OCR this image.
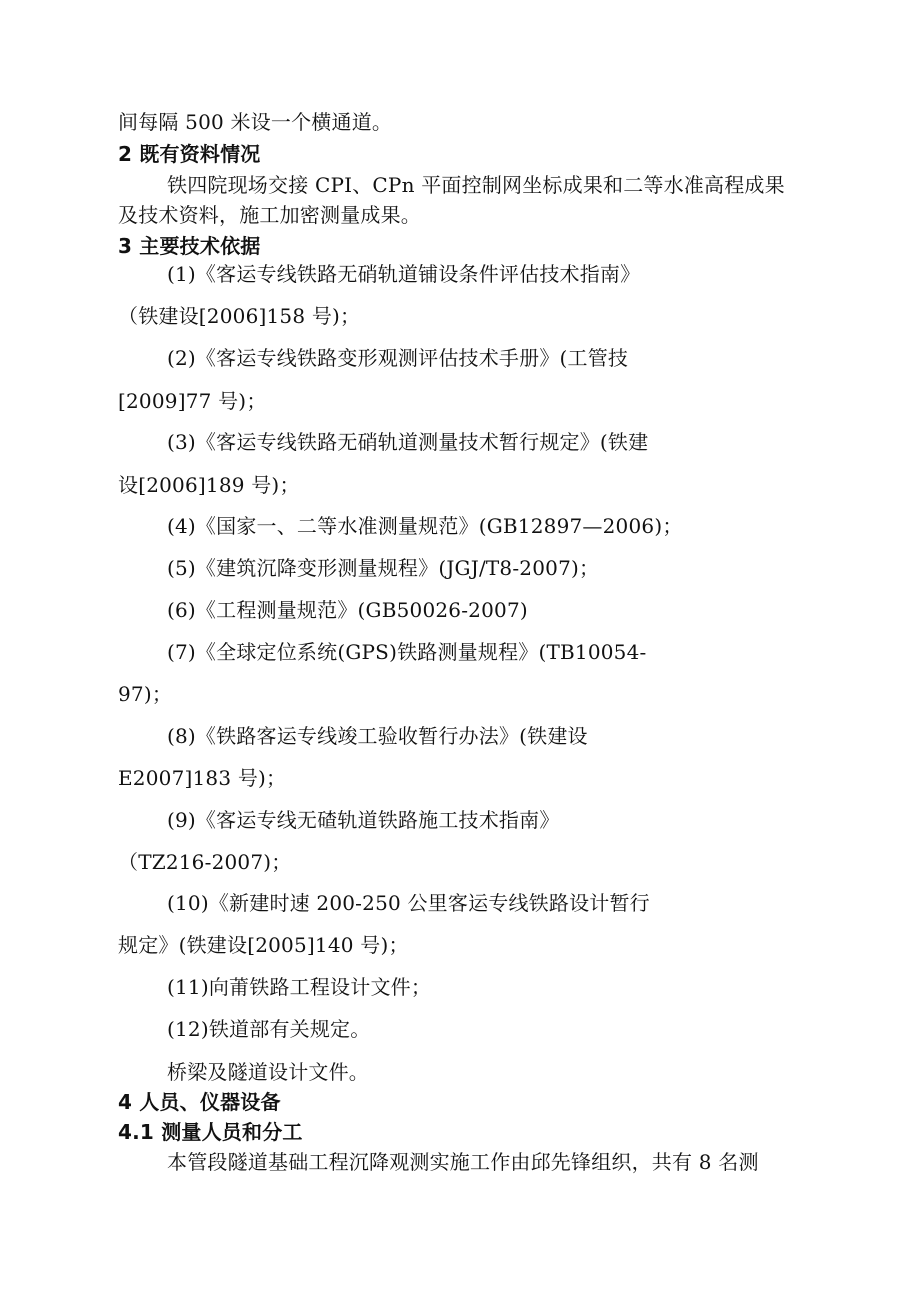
间每隔 500 米设一个横通道。
2 既有资料情况
铁四院现场交接 CPI、CPn 平面控制网坐标成果和二等水准高程成果
及技术资料，施工加密测量成果。
3 主要技术依据
(1)《客运专线铁路无硝轨道铺设条件评估技术指南》
（铁建设[2006]158 号)；
(2)《客运专线铁路变形观测评估技术手册》(工管技
[2009]77 号)；
(3)《客运专线铁路无硝轨道测量技术暂行规定》(铁建
设[2006]189 号)；
(4)《国家一、二等水准测量规范》(GB12897—2006)；
(5)《建筑沉降变形测量规程》(JGJ/T8-2007)；
(6)《工程测量规范》(GB50026-2007)
(7)《全球定位系统(GPS)铁路测量规程》(TB10054-
97)；
(8)《铁路客运专线竣工验收暂行办法》(铁建设
E2007]183 号)；
(9)《客运专线无碴轨道铁路施工技术指南》
（TZ216-2007)；
(10)《新建时速 200-250 公里客运专线铁路设计暂行
规定》(铁建设[2005]140 号)；
(11)向莆铁路工程设计文件；
(12)铁道部有关规定。
桥梁及隧道设计文件。
4 人员、仪器设备
4.1 测量人员和分工
本管段隧道基础工程沉降观测实施工作由邱先锋组织，共有 8 名测
